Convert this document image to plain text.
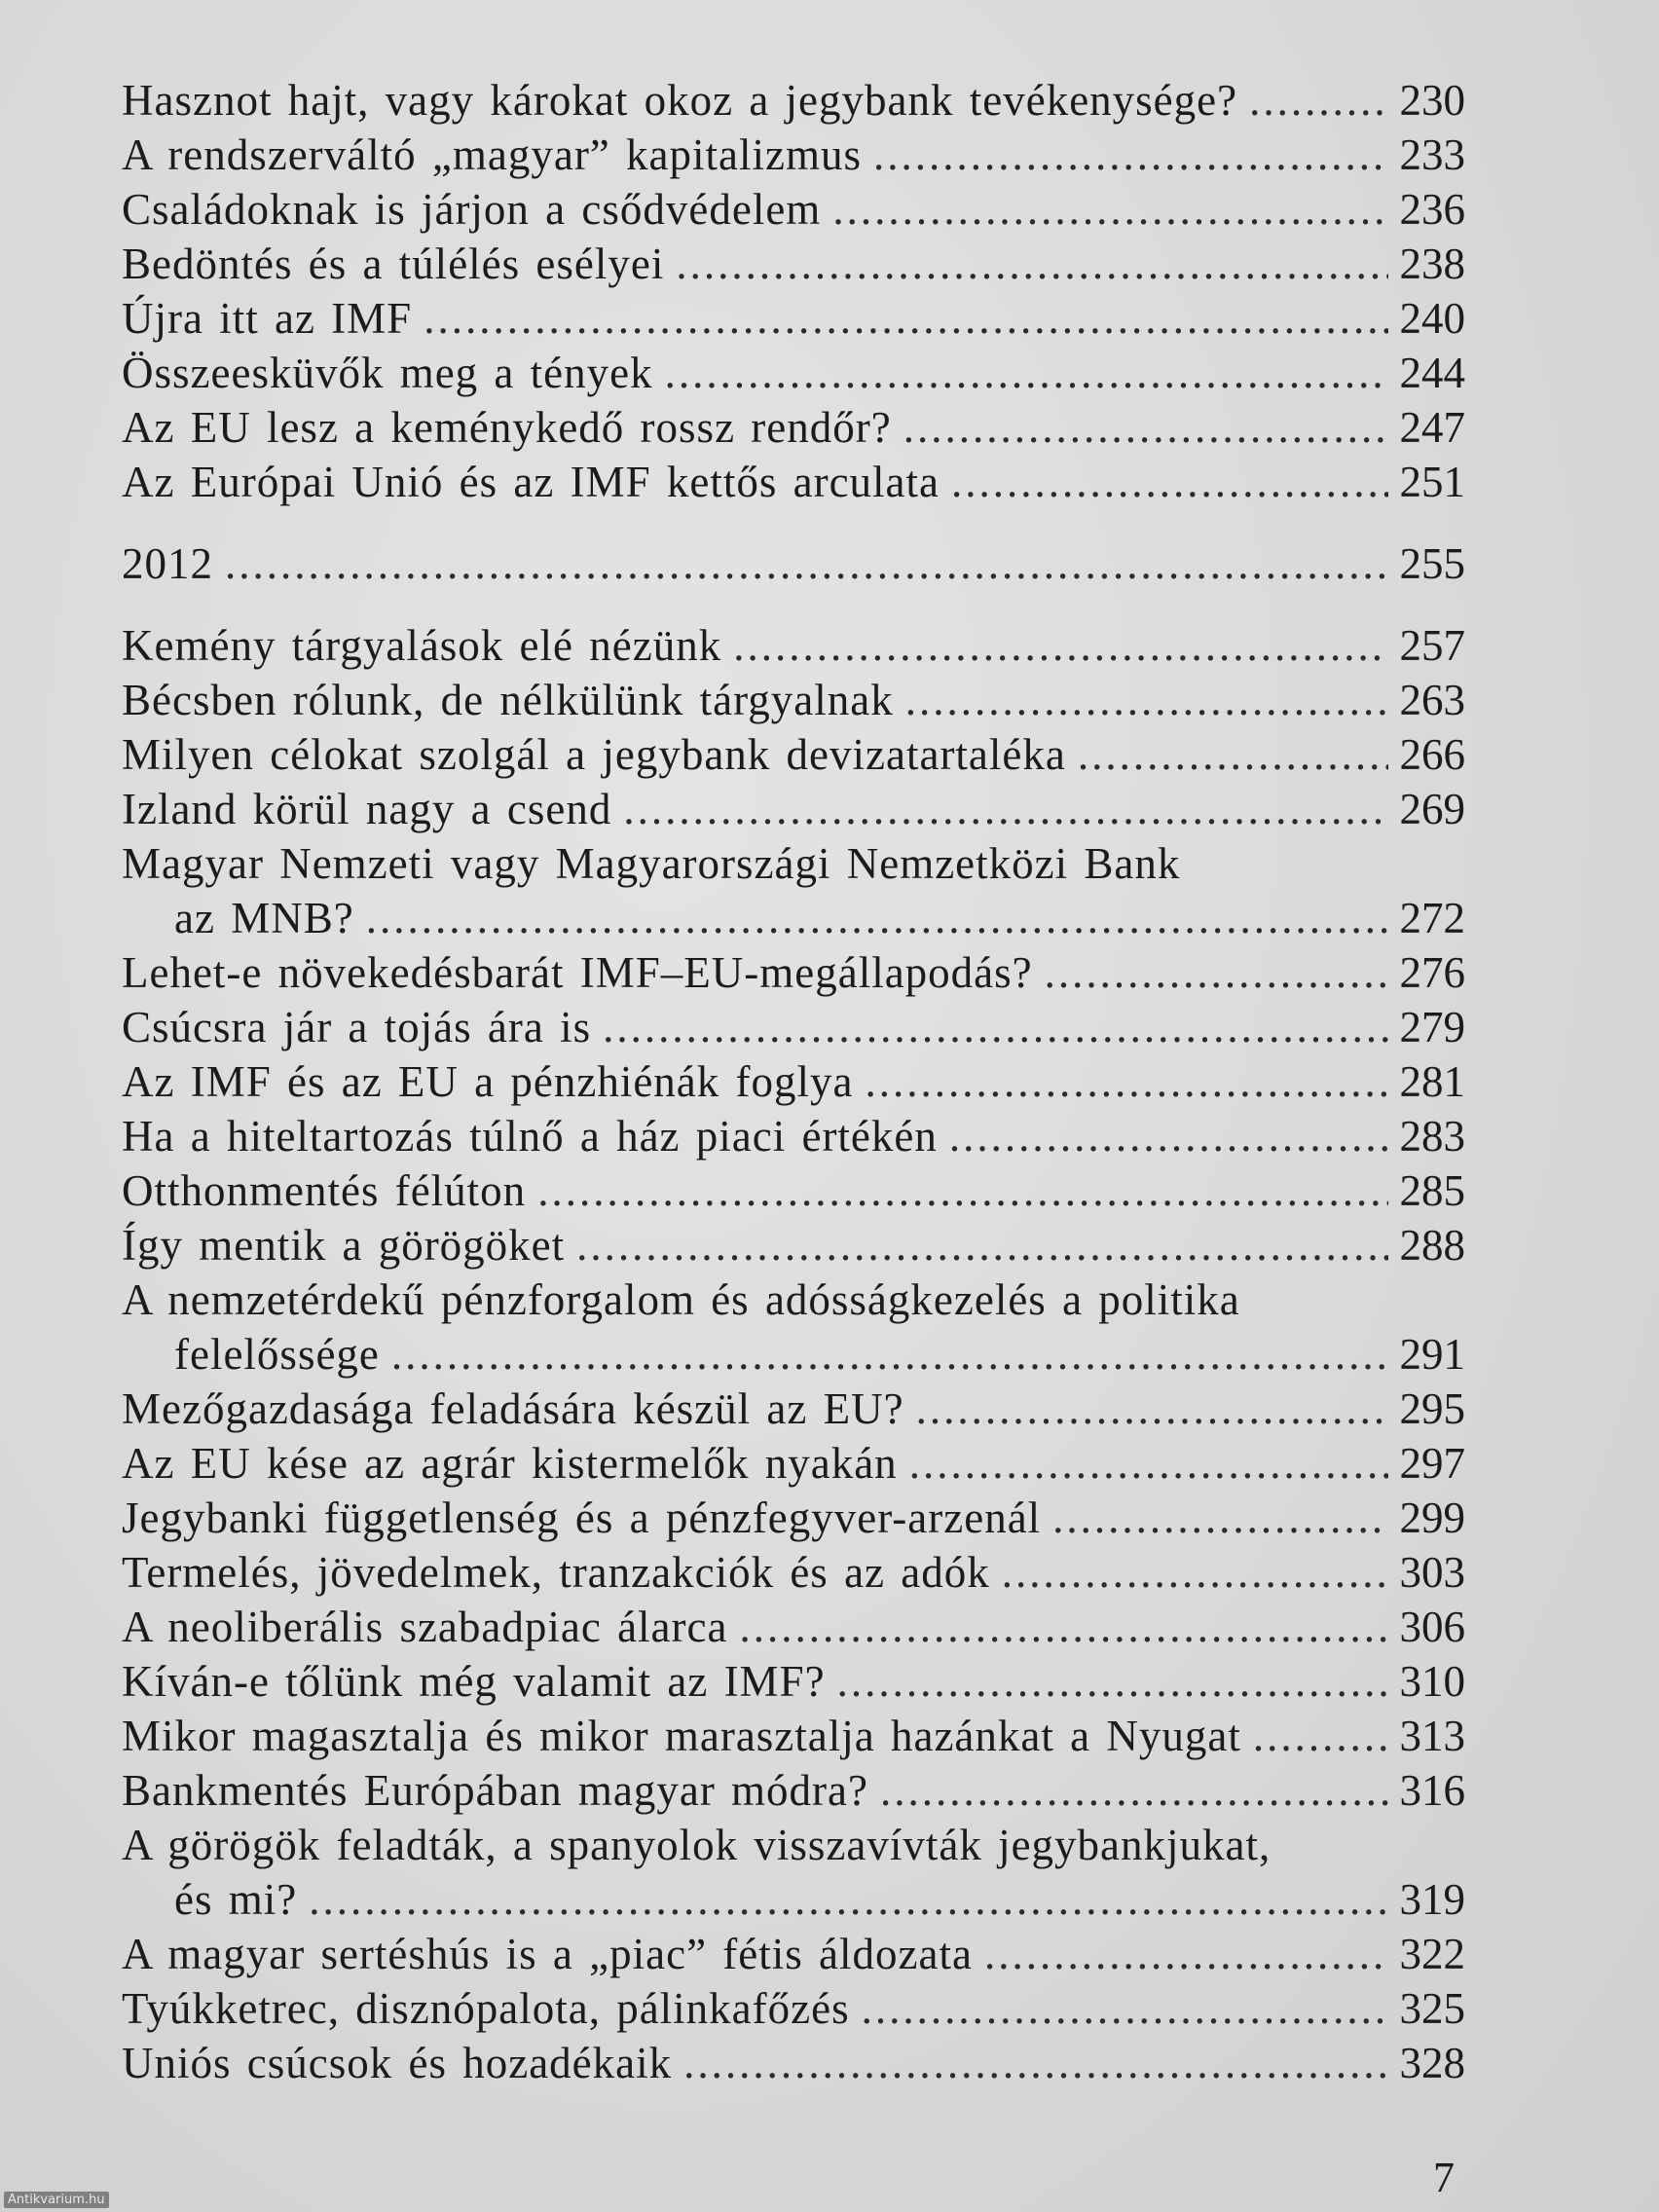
Hasznot hajt, vagy károkat okoz a jegybank tevékenysége? .....	230
A rendszerváltó „magyar” kapitalizmus .....	233
Családoknak is járjon a csődvédelem .....	236
Bedöntés és a túlélés esélyei .....	238
Újra itt az IMF .....	240
Összeesküvők meg a tények .....	244
Az EU lesz a keménykedő rossz rendőr? .....	247
Az Európai Unió és az IMF kettős arculata .....	251
2012 .....	255
Kemény tárgyalások elé nézünk .....	257
Bécsben rólunk, de nélkülünk tárgyalnak .....	263
Milyen célokat szolgál a jegybank devizatartaléka .....	266
Izland körül nagy a csend .....	269
Magyar Nemzeti vagy Magyarországi Nemzetközi Bank
az MNB? .....	272
Lehet-e növekedésbarát IMF–EU-megállapodás? .....	276
Csúcsra jár a tojás ára is .....	279
Az IMF és az EU a pénzhiénák foglya .....	281
Ha a hiteltartozás túlnő a ház piaci értékén .....	283
Otthonmentés félúton .....	285
Így mentik a görögöket .....	288
A nemzetérdekű pénzforgalom és adósságkezelés a politika
felelőssége .....	291
Mezőgazdasága feladására készül az EU? .....	295
Az EU kése az agrár kistermelők nyakán .....	297
Jegybanki függetlenség és a pénzfegyver-arzenál .....	299
Termelés, jövedelmek, tranzakciók és az adók .....	303
A neoliberális szabadpiac álarca .....	306
Kíván-e tőlünk még valamit az IMF? .....	310
Mikor magasztalja és mikor marasztalja hazánkat a Nyugat .....	313
Bankmentés Európában magyar módra? .....	316
A görögök feladták, a spanyolok visszavívták jegybankjukat,
és mi? .....	319
A magyar sertéshús is a „piac” fétis áldozata .....	322
Tyúkketrec, disznópalota, pálinkafőzés .....	325
Uniós csúcsok és hozadékaik .....	328
7
Antikvarium.hu
